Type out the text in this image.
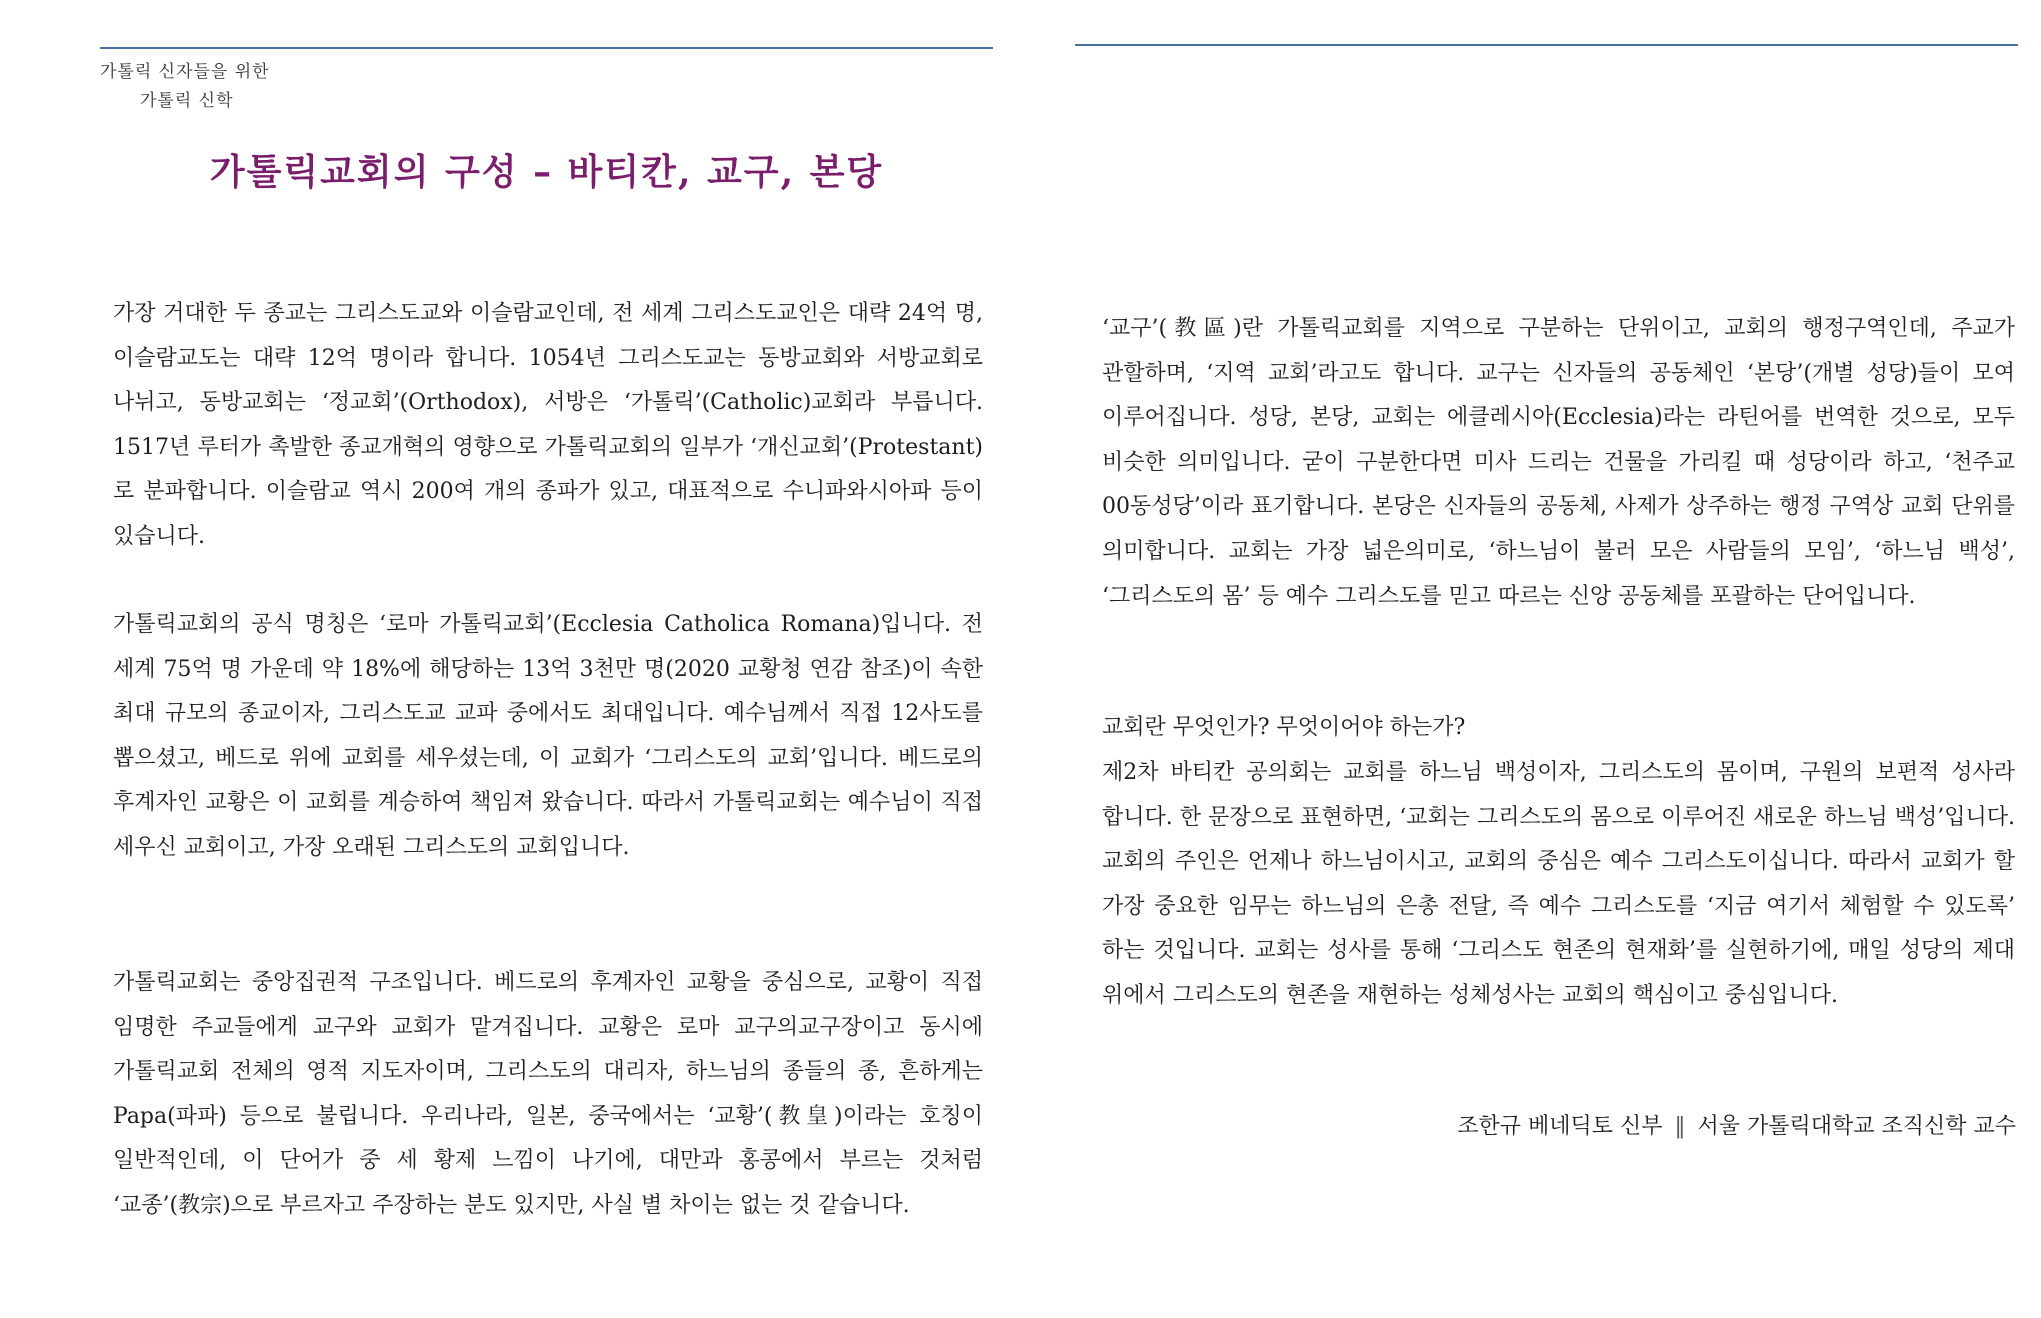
가톨릭 신자들을 위한
가톨릭 신학
가톨릭교회의 구성 – 바티칸, 교구, 본당

가장 거대한 두 종교는 그리스도교와 이슬람교인데, 전 세계 그리스도교인은 대략 24억 명, 이슬람교도는 대략 12억 명이라 합니다. 1054년 그리스도교는 동방교회와 서방교회로 나뉘고, 동방교회는 ‘정교회’(Orthodox), 서방은 ‘가톨릭’(Catholic)교회라 부릅니다. 1517년 루터가 촉발한 종교개혁의 영향으로 가톨릭교회의 일부가 ‘개신교회’(Protestant)로 분파합니다. 이슬람교 역시 200여 개의 종파가 있고, 대표적으로 수니파와시아파 등이 있습니다.

가톨릭교회의 공식 명칭은 ‘로마 가톨릭교회’(Ecclesia Catholica Romana)입니다. 전 세계 75억 명 가운데 약 18%에 해당하는 13억 3천만 명(2020 교황청 연감 참조)이 속한 최대 규모의 종교이자, 그리스도교 교파 중에서도 최대입니다. 예수님께서 직접 12사도를 뽑으셨고, 베드로 위에 교회를 세우셨는데, 이 교회가 ‘그리스도의 교회’입니다. 베드로의 후계자인 교황은 이 교회를 계승하여 책임져 왔습니다. 따라서 가톨릭교회는 예수님이 직접 세우신 교회이고, 가장 오래된 그리스도의 교회입니다.

가톨릭교회는 중앙집권적 구조입니다. 베드로의 후계자인 교황을 중심으로, 교황이 직접 임명한 주교들에게 교구와 교회가 맡겨집니다. 교황은 로마 교구의교구장이고 동시에 가톨릭교회 전체의 영적 지도자이며, 그리스도의 대리자, 하느님의 종들의 종, 흔하게는 Papa(파파) 등으로 불립니다. 우리나라, 일본, 중국에서는 ‘교황’(教皇)이라는 호칭이 일반적인데, 이 단어가 중 세 황제 느낌이 나기에, 대만과 홍콩에서 부르는 것처럼 ‘교종’(教宗)으로 부르자고 주장하는 분도 있지만, 사실 별 차이는 없는 것 같습니다.

‘교구’(教區)란 가톨릭교회를 지역으로 구분하는 단위이고, 교회의 행정구역인데, 주교가 관할하며, ‘지역 교회’라고도 합니다. 교구는 신자들의 공동체인 ‘본당’(개별 성당)들이 모여 이루어집니다. 성당, 본당, 교회는 에클레시아(Ecclesia)라는 라틴어를 번역한 것으로, 모두 비슷한 의미입니다. 굳이 구분한다면 미사 드리는 건물을 가리킬 때 성당이라 하고, ‘천주교 00동성당’이라 표기합니다. 본당은 신자들의 공동체, 사제가 상주하는 행정 구역상 교회 단위를 의미합니다. 교회는 가장 넓은의미로, ‘하느님이 불러 모은 사람들의 모임’, ‘하느님 백성’, ‘그리스도의 몸’ 등 예수 그리스도를 믿고 따르는 신앙 공동체를 포괄하는 단어입니다.

교회란 무엇인가? 무엇이어야 하는가?

제2차 바티칸 공의회는 교회를 하느님 백성이자, 그리스도의 몸이며, 구원의 보편적 성사라 합니다. 한 문장으로 표현하면, ‘교회는 그리스도의 몸으로 이루어진 새로운 하느님 백성’입니다. 교회의 주인은 언제나 하느님이시고, 교회의 중심은 예수 그리스도이십니다. 따라서 교회가 할 가장 중요한 임무는 하느님의 은총 전달, 즉 예수 그리스도를 ‘지금 여기서 체험할 수 있도록’ 하는 것입니다. 교회는 성사를 통해 ‘그리스도 현존의 현재화’를 실현하기에, 매일 성당의 제대 위에서 그리스도의 현존을 재현하는 성체성사는 교회의 핵심이고 중심입니다.

조한규 베네딕토 신부 ‖ 서울 가톨릭대학교 조직신학 교수
